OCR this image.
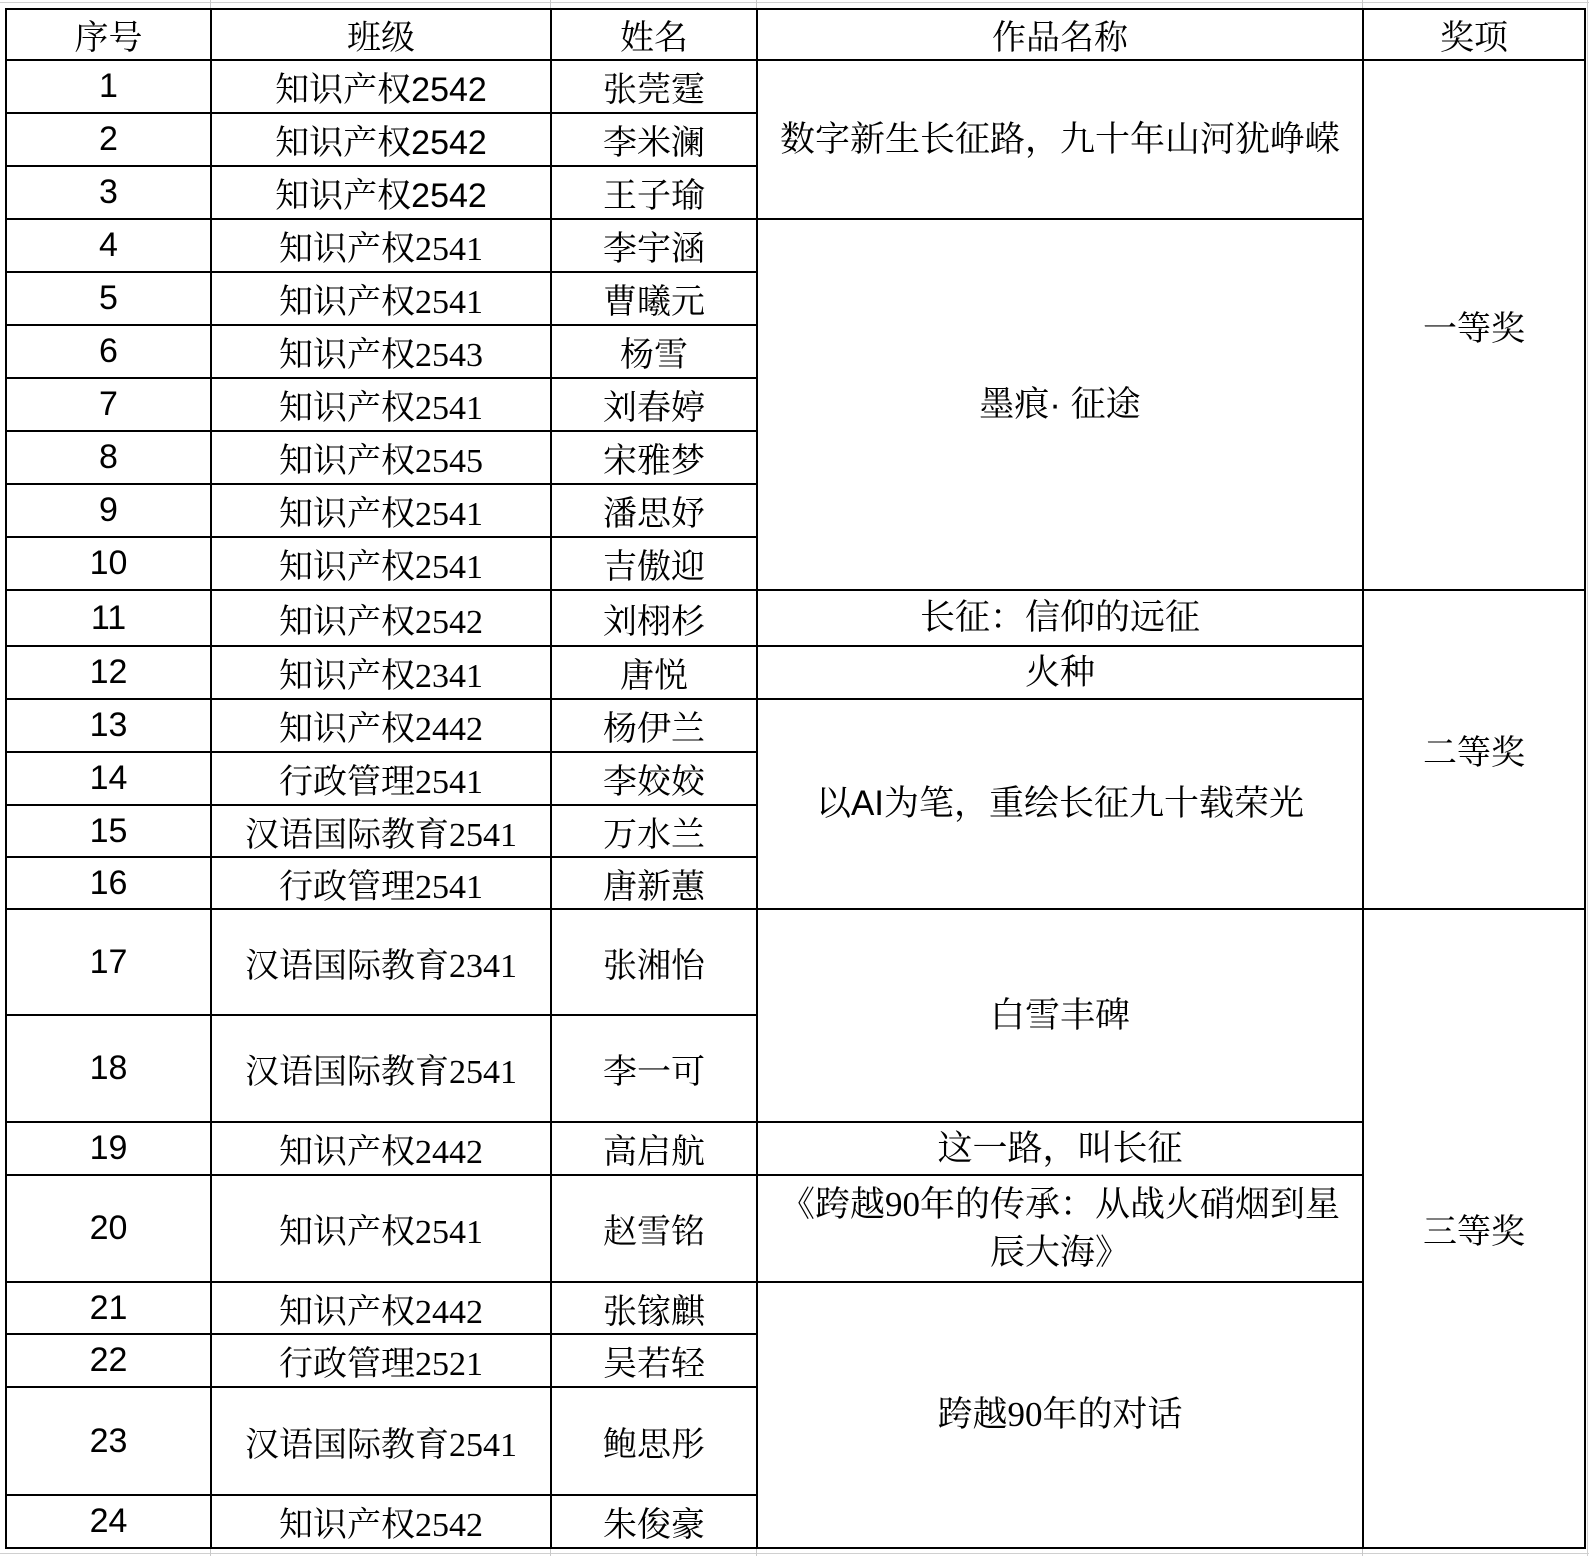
序号	班级	姓名	作品名称	奖项
1	知识产权2542	张莞霆	数字新生长征路，九十年山河犹峥嵘	一等奖
2	知识产权2542	李米澜		
3	知识产权2542	王子瑜		
4	知识产权2541	李宇涵	墨痕· 征途	
5	知识产权2541	曹曦元		
6	知识产权2543	杨雪		
7	知识产权2541	刘春婷		
8	知识产权2545	宋雅梦		
9	知识产权2541	潘思妤		
10	知识产权2541	吉傲迎		
11	知识产权2542	刘栩杉	长征：信仰的远征	二等奖
12	知识产权2341	唐悦	火种	
13	知识产权2442	杨伊兰	以AI为笔，重绘长征九十载荣光	
14	行政管理2541	李姣姣		
15	汉语国际教育2541	万水兰		
16	行政管理2541	唐新蕙		
17	汉语国际教育2341	张湘怡	白雪丰碑	三等奖
18	汉语国际教育2541	李一可		
19	知识产权2442	高启航	这一路，叫长征	
20	知识产权2541	赵雪铭	《跨越90年的传承：从战火硝烟到星辰大海》	
21	知识产权2442	张镓麒	跨越90年的对话	
22	行政管理2521	吴若轻		
23	汉语国际教育2541	鲍思彤		
24	知识产权2542	朱俊豪		
